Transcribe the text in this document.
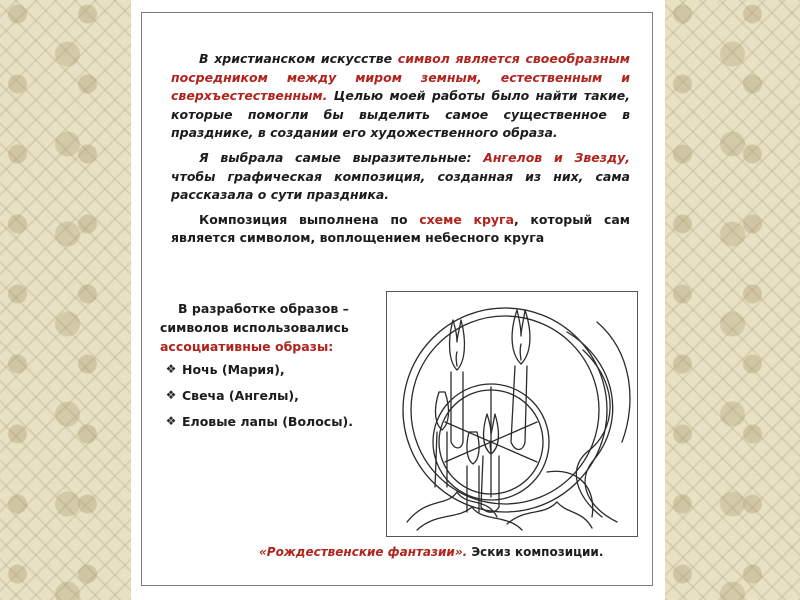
В христианском искусстве символ является своеобразным посредником между миром земным, естественным и сверхъестественным. Целью моей работы было найти такие, которые помогли бы выделить самое существенное в празднике, в создании его художественного образа.

Я выбрала самые выразительные: Ангелов и Звезду, чтобы графическая композиция, созданная из них, сама рассказала о сути праздника.

Композиция выполнена по схеме круга, который сам является символом, воплощением небесного круга

В разработке образов – символов использовались ассоциативные образы:

❖ Ночь (Мария),
❖ Свеча (Ангелы),
❖ Еловые лапы (Волосы).
«Рождественские фантазии». Эскиз композиции.
